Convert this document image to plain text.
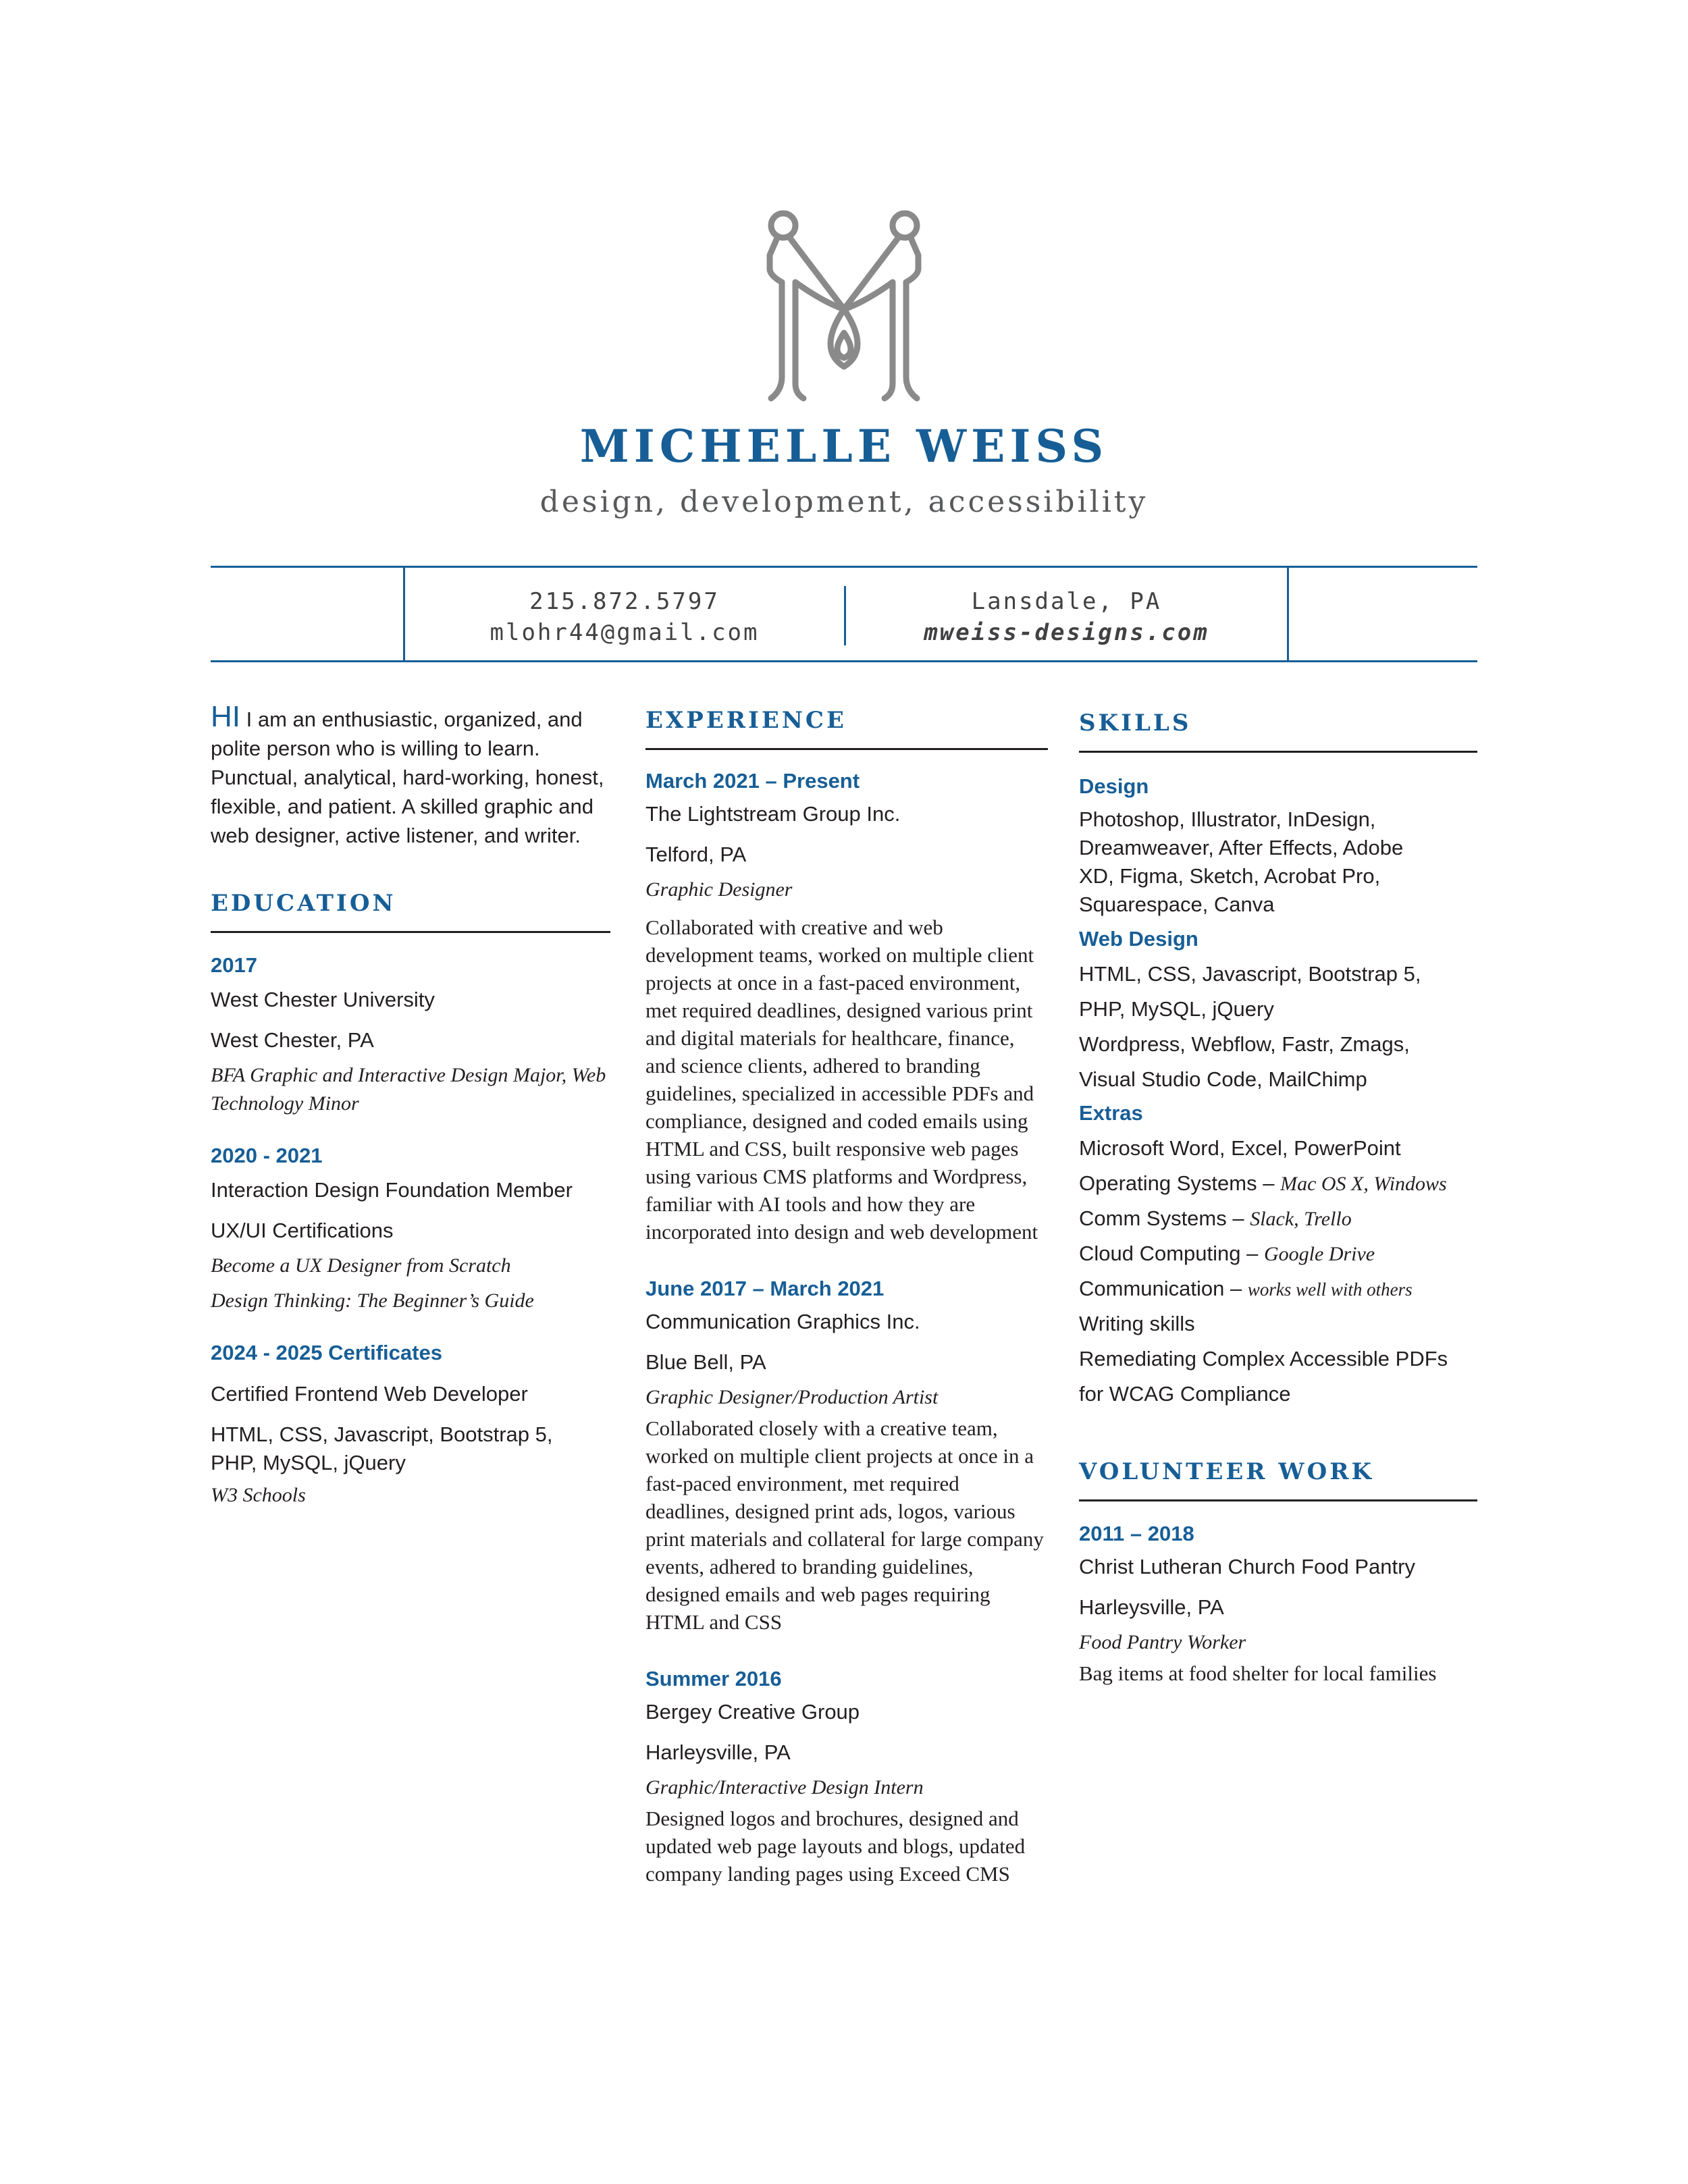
MICHELLE WEISS
design, development, accessibility
215.872.5797
mlohr44@gmail.com
Lansdale, PA
mweiss-designs.com
HI I am an enthusiastic, organized, and polite person who is willing to learn. Punctual, analytical, hard-working, honest, flexible, and patient. A skilled graphic and web designer, active listener, and writer.
EDUCATION
2017
West Chester University
West Chester, PA
BFA Graphic and Interactive Design Major, Web Technology Minor
2020 - 2021
Interaction Design Foundation Member
UX/UI Certifications
Become a UX Designer from Scratch
Design Thinking: The Beginner’s Guide
2024 - 2025 Certificates
Certified Frontend Web Developer
HTML, CSS, Javascript, Bootstrap 5, PHP, MySQL, jQuery
W3 Schools
EXPERIENCE
March 2021 – Present
The Lightstream Group Inc.
Telford, PA
Graphic Designer
Collaborated with creative and web development teams, worked on multiple client projects at once in a fast-paced environment, met required deadlines, designed various print and digital materials for healthcare, finance, and science clients, adhered to branding guidelines, specialized in accessible PDFs and compliance, designed and coded emails using HTML and CSS, built responsive web pages using various CMS platforms and Wordpress, familiar with AI tools and how they are incorporated into design and web development
June 2017 – March 2021
Communication Graphics Inc.
Blue Bell, PA
Graphic Designer/Production Artist
Collaborated closely with a creative team, worked on multiple client projects at once in a fast-paced environment, met required deadlines, designed print ads, logos, various print materials and collateral for large company events, adhered to branding guidelines, designed emails and web pages requiring HTML and CSS
Summer 2016
Bergey Creative Group
Harleysville, PA
Graphic/Interactive Design Intern
Designed logos and brochures, designed and updated web page layouts and blogs, updated company landing pages using Exceed CMS
SKILLS
Design
Photoshop, Illustrator, InDesign, Dreamweaver, After Effects, Adobe XD, Figma, Sketch, Acrobat Pro, Squarespace, Canva
Web Design
HTML, CSS, Javascript, Bootstrap 5,
PHP, MySQL, jQuery
Wordpress, Webflow, Fastr, Zmags,
Visual Studio Code, MailChimp
Extras
Microsoft Word, Excel, PowerPoint
Operating Systems – Mac OS X, Windows
Comm Systems – Slack, Trello
Cloud Computing – Google Drive
Communication – works well with others
Writing skills
Remediating Complex Accessible PDFs
for WCAG Compliance
VOLUNTEER WORK
2011 – 2018
Christ Lutheran Church Food Pantry
Harleysville, PA
Food Pantry Worker
Bag items at food shelter for local families
